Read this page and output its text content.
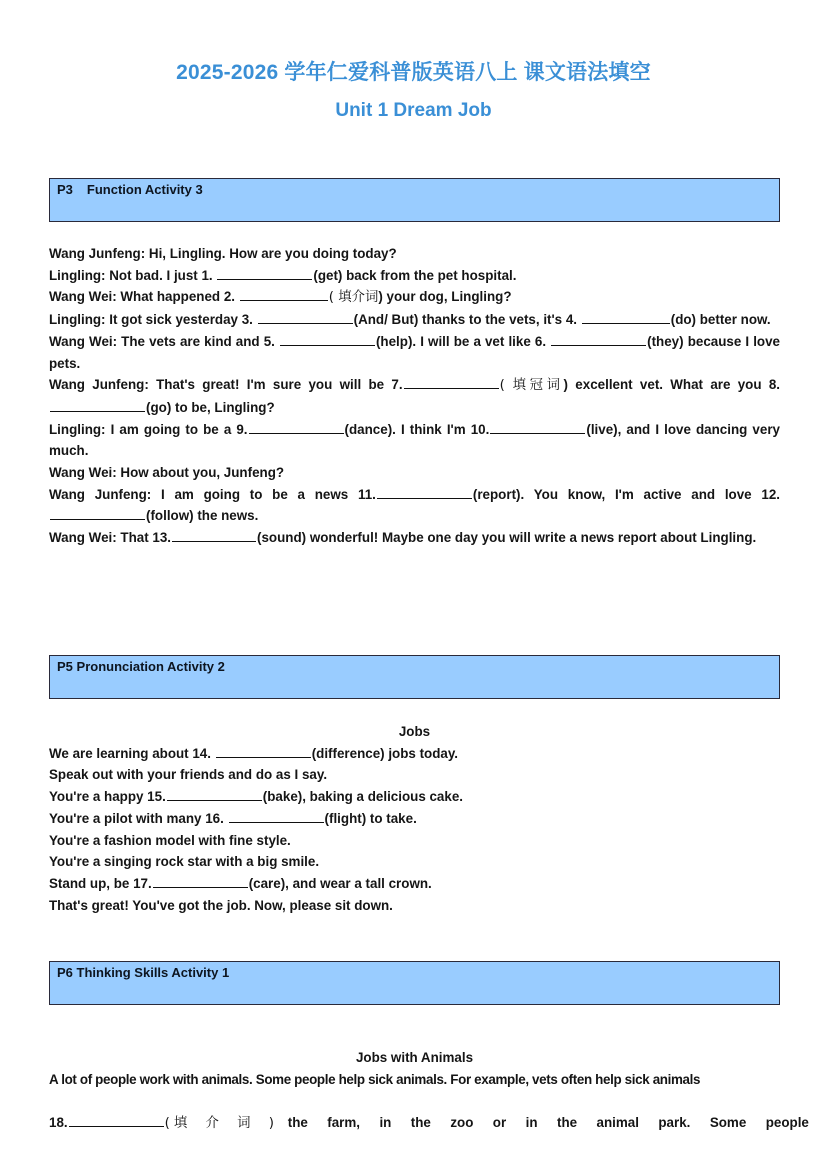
2025-2026 学年仁爱科普版英语八上 课文语法填空
Unit 1 Dream Job
P3 Function Activity 3

Wang Junfeng: Hi, Lingling. How are you doing today?

Lingling: Not bad. I just 1.	(get) back from the pet hospital.

Wang Wei: What happened 2.	( 填介词) your dog, Lingling?

Lingling: It got sick yesterday 3.	(And/ But) thanks to the vets, it's 4.	(do) better now.

Wang Wei: The vets are kind and 5.	(help). I will be a vet like 6.	(they) because I love pets.

Wang Junfeng: That's great! I'm sure you will be 7.	( 填冠词) excellent vet. What are you 8.(go) to be, Lingling?

Lingling: I am going to be a 9.	(dance). I think I'm 10.	(live), and I love dancing very much.

Wang Wei: How about you, Junfeng?

Wang Junfeng: I am going to be a news 11.	(report). You know, I'm active and love 12.(follow) the news.

Wang Wei: That 13.	(sound) wonderful! Maybe one day you will write a news report about Lingling.

P5 Pronunciation Activity 2

Jobs

We are learning about 14.	(difference) jobs today.

Speak out with your friends and do as I say.

You're a happy 15.	(bake), baking a delicious cake.

You're a pilot with many 16.	(flight) to take.

You're a fashion model with fine style.

You're a singing rock star with a big smile.

Stand up, be 17.	(care), and wear a tall crown.

That's great! You've got the job. Now, please sit down.

P6 Thinking Skills Activity 1

Jobs with Animals

A lot of people work with animals. Some people help sick animals. For example, vets often help sick animals

18.	(填 介 词 ) the  farm,  in  the  zoo  or  in  the  animal  park.  Some  people
